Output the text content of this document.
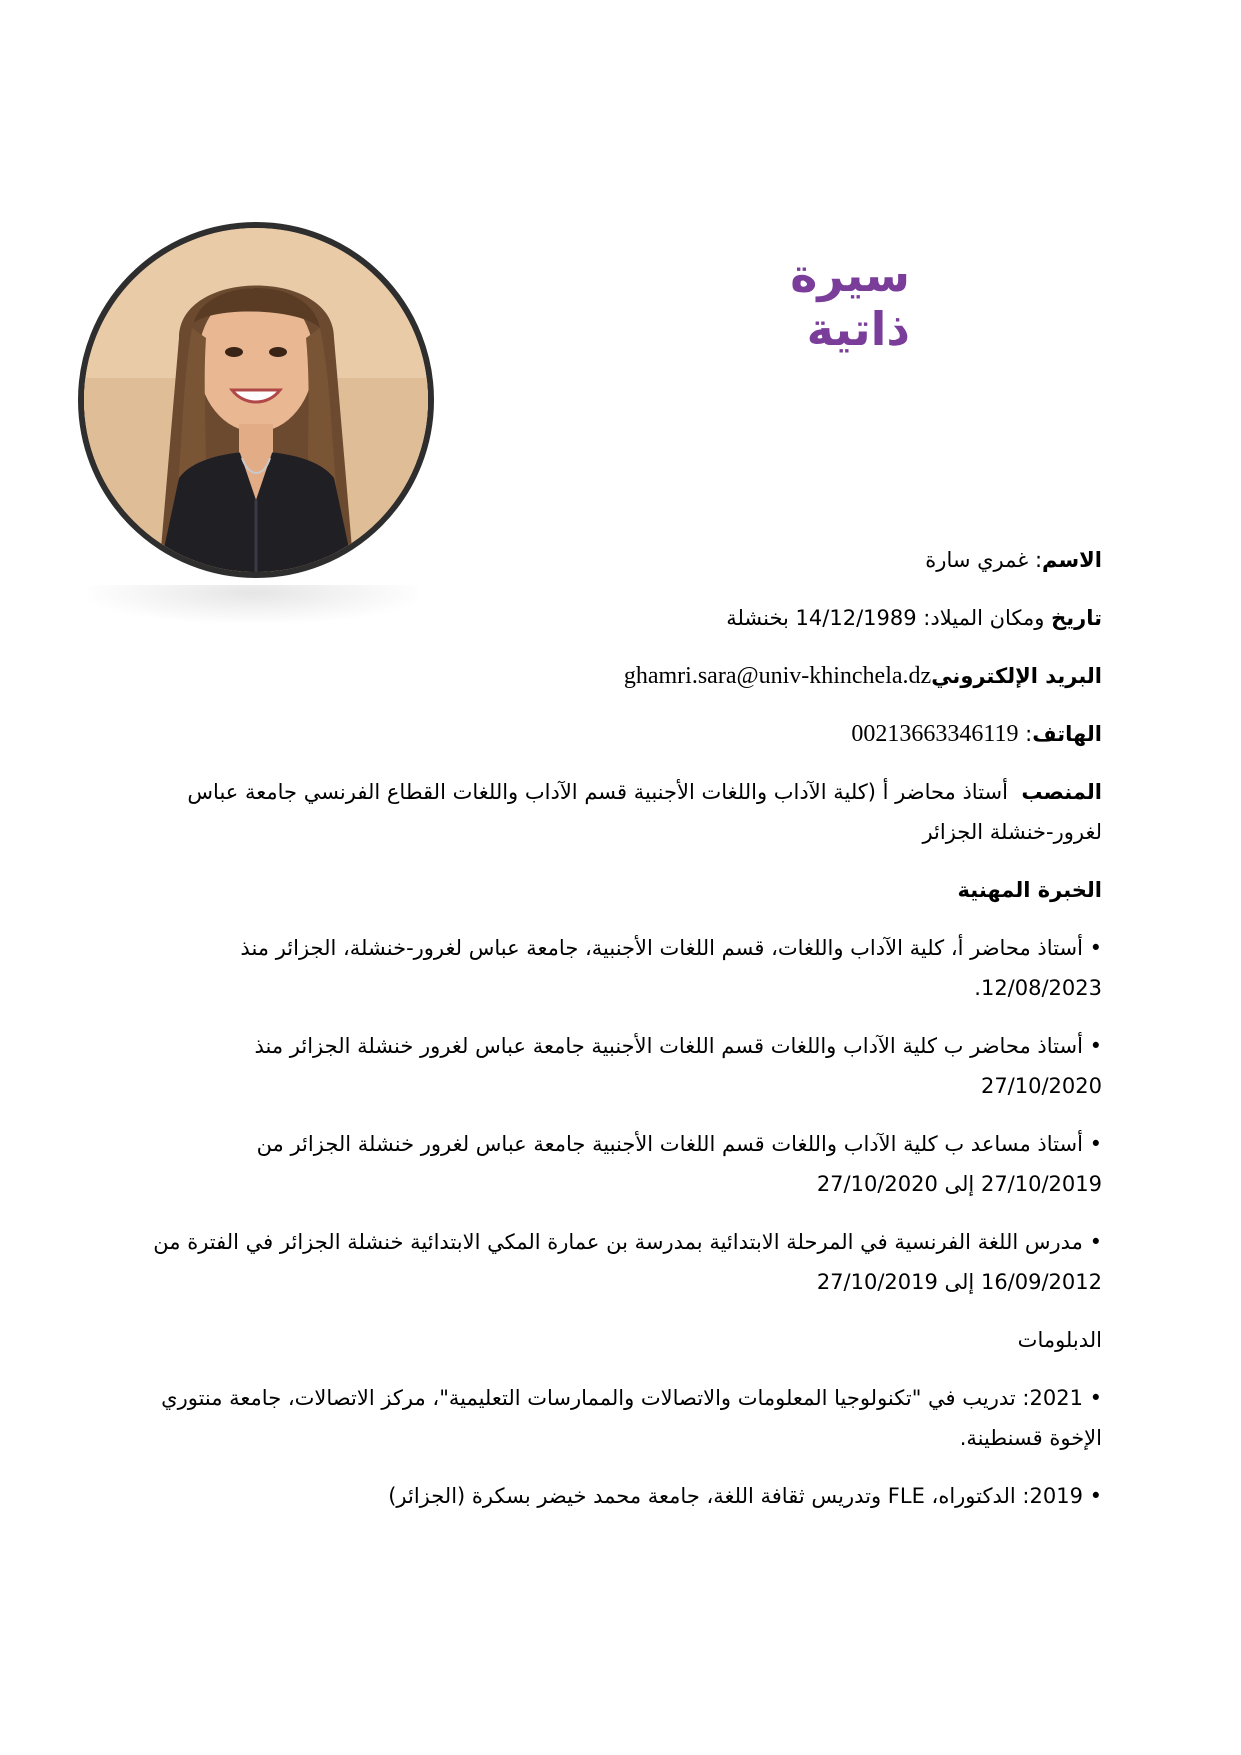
سيرة ذاتية

الاسم: غمري سارة

تاريخ ومكان الميلاد: 14/12/1989 بخنشلة

البريد الإلكترونيghamri.sara@univ-khinchela.dz

الهاتف: 00213663346119

المنصب  أستاذ محاضر أ (كلية الآداب واللغات الأجنبية قسم الآداب واللغات القطاع الفرنسي جامعة عباس لغرور-خنشلة الجزائر

الخبرة المهنية

• أستاذ محاضر أ، كلية الآداب واللغات، قسم اللغات الأجنبية، جامعة عباس لغرور-خنشلة، الجزائر منذ 12/08/2023.

• أستاذ محاضر ب كلية الآداب واللغات قسم اللغات الأجنبية جامعة عباس لغرور خنشلة الجزائر منذ 27/10/2020

• أستاذ مساعد ب كلية الآداب واللغات قسم اللغات الأجنبية جامعة عباس لغرور خنشلة الجزائر من 27/10/2019 إلى 27/10/2020

• مدرس اللغة الفرنسية في المرحلة الابتدائية بمدرسة بن عمارة المكي الابتدائية خنشلة الجزائر في الفترة من 16/09/2012 إلى 27/10/2019

الدبلومات

• 2021: تدريب في "تكنولوجيا المعلومات والاتصالات والممارسات التعليمية"، مركز الاتصالات، جامعة منتوري الإخوة قسنطينة.

• 2019: الدكتوراه، FLE وتدريس ثقافة اللغة، جامعة محمد خيضر بسكرة (الجزائر)
